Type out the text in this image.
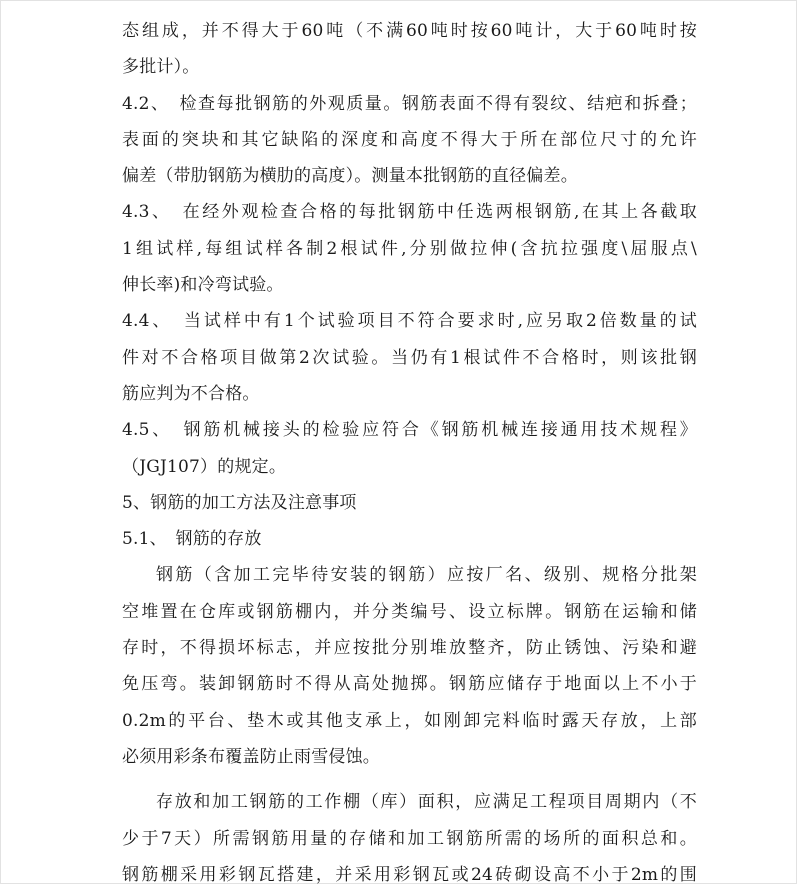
态组成，并不得大于60吨（不满60吨时按60吨计，大于60吨时按
多批计）。
4.2、　检查每批钢筋的外观质量。钢筋表面不得有裂纹、结疤和拆叠；
表面的突块和其它缺陷的深度和高度不得大于所在部位尺寸的允许
偏差（带肋钢筋为横肋的高度）。测量本批钢筋的直径偏差。
4.3、　在经外观检查合格的每批钢筋中任选两根钢筋,在其上各截取
1组试样,每组试样各制2根试件,分别做拉伸(含抗拉强度\屈服点\
伸长率)和冷弯试验。
4.4、　当试样中有1个试验项目不符合要求时,应另取2倍数量的试
件对不合格项目做第2次试验。当仍有1根试件不合格时，则该批钢
筋应判为不合格。
4.5、　钢筋机械接头的检验应符合《钢筋机械连接通用技术规程》
（JGJ107）的规定。
5、钢筋的加工方法及注意事项
5.1、　钢筋的存放
钢筋（含加工完毕待安装的钢筋）应按厂名、级别、规格分批架
空堆置在仓库或钢筋棚内，并分类编号、设立标牌。钢筋在运输和储
存时，不得损坏标志，并应按批分别堆放整齐，防止锈蚀、污染和避
免压弯。装卸钢筋时不得从高处抛掷。钢筋应储存于地面以上不小于
0.2m的平台、垫木或其他支承上，如刚卸完料临时露天存放，上部
必须用彩条布覆盖防止雨雪侵蚀。
存放和加工钢筋的工作棚（库）面积，应满足工程项目周期内（不
少于7天）所需钢筋用量的存储和加工钢筋所需的场所的面积总和。
钢筋棚采用彩钢瓦搭建，并采用彩钢瓦或24砖砌设高不小于2m的围
